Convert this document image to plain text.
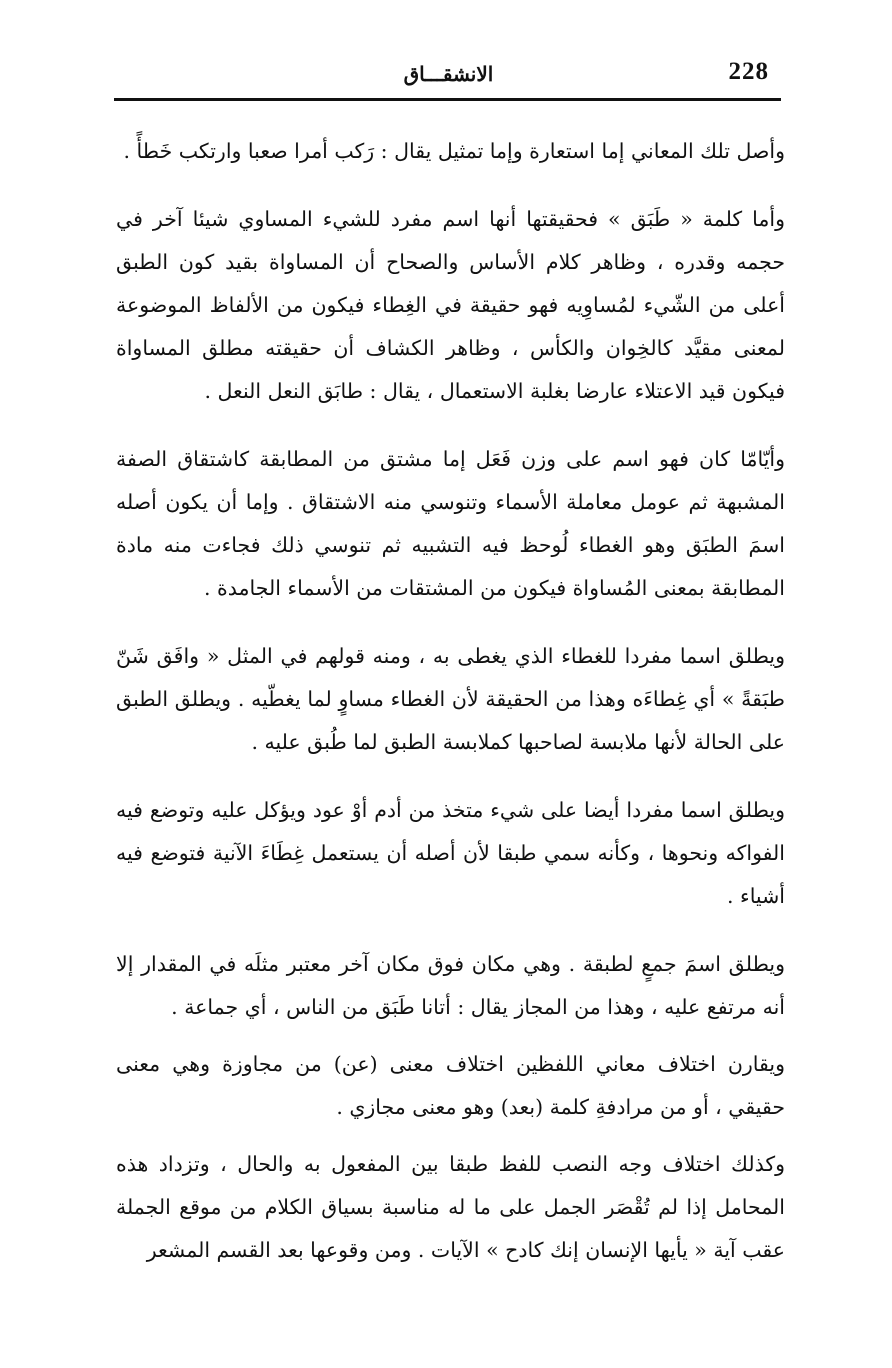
228
الانشقـــاق

وأصل تلك المعاني إما استعارة وإما تمثيل يقال : رَكب أمرا صعبا وارتكب خَطأً .

وأما كلمة « طَبَق » فحقيقتها أنها اسم مفرد للشيء المساوي شيئا آخر في حجمه وقدره ، وظاهر كلام الأساس والصحاح أن المساواة بقيد كون الطبق أعلى من الشّيء لمُساوِيه فهو حقيقة في الغِطاء فيكون من الألفاظ الموضوعة لمعنى مقيَّد كالخِوان والكأس ، وظاهر الكشاف أن حقيقته مطلق المساواة فيكون قيد الاعتلاء عارضا بغلبة الاستعمال ، يقال : طابَق النعل النعل .

وأيّامّا كان فهو اسم على وزن فَعَل إما مشتق من المطابقة كاشتقاق الصفة المشبهة ثم عومل معاملة الأسماء وتنوسي منه الاشتقاق . وإما أن يكون أصله اسمَ الطبَق وهو الغطاء لُوحظ فيه التشبيه ثم تنوسي ذلك فجاءت منه مادة المطابقة بمعنى المُساواة فيكون من المشتقات من الأسماء الجامدة .

ويطلق اسما مفردا للغطاء الذي يغطى به ، ومنه قولهم في المثل « وافَق شَنّ طبَقةً » أي غِطاءَه وهذا من الحقيقة لأن الغطاء مساوٍ لما يغطّيه . ويطلق الطبق على الحالة لأنها ملابسة لصاحبها كملابسة الطبق لما طُبق عليه .

ويطلق اسما مفردا أيضا على شيء متخذ من أدم أوْ عود ويؤكل عليه وتوضع فيه الفواكه ونحوها ، وكأنه سمي طبقا لأن أصله أن يستعمل غِطَاءَ الآنية فتوضع فيه أشياء .

ويطلق اسمَ جمعٍ لطبقة . وهي مكان فوق مكان آخر معتبر مثلَه في المقدار إلا أنه مرتفع عليه ، وهذا من المجاز يقال : أتانا طَبَق من الناس ، أي جماعة .

ويقارن اختلاف معاني اللفظين اختلاف معنى (عن) من مجاوزة وهي معنى حقيقي ، أو من مرادفةِ كلمة (بعد) وهو معنى مجازي .

وكذلك اختلاف وجه النصب للفظ طبقا بين المفعول به والحال ، وتزداد هذه المحامل إذا لم تُقْصَر الجمل على ما له مناسبة بسياق الكلام من موقع الجملة عقب آية « يأيها الإنسان إنك كادح » الآيات . ومن وقوعها بعد القسم المشعر
